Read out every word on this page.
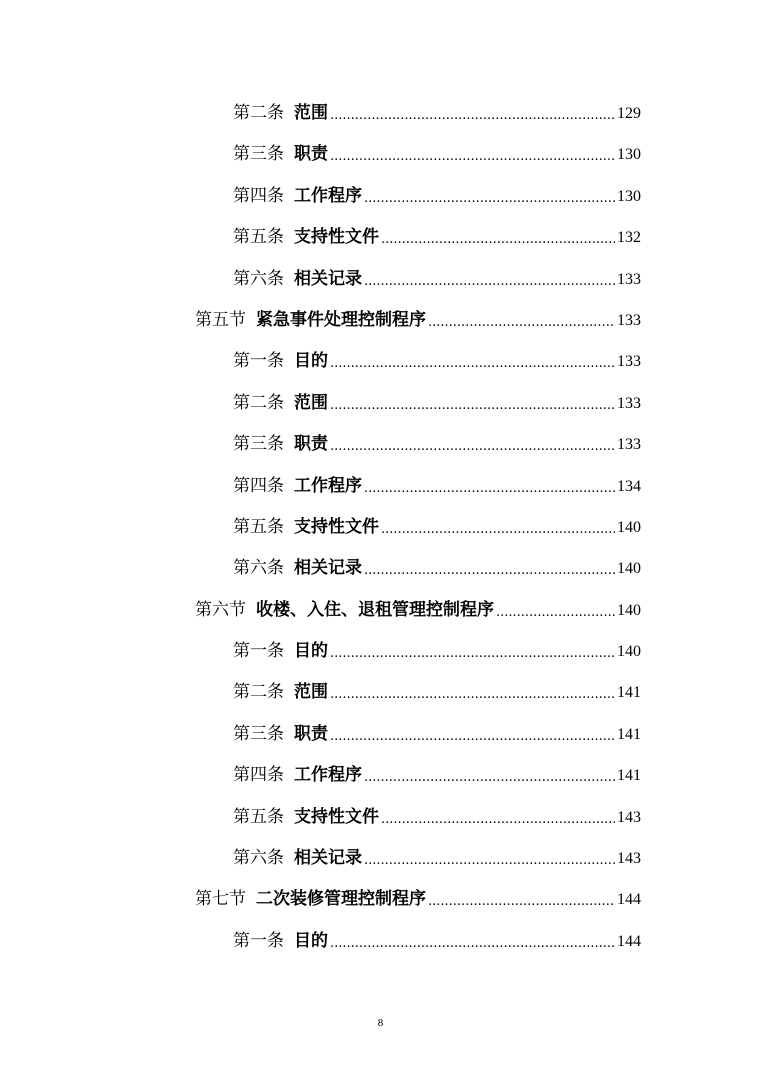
第二条 范围 .....	129
第三条 职责 .....	130
第四条 工作程序 .....	130
第五条 支持性文件 .....	132
第六条 相关记录 .....	133
第五节 紧急事件处理控制程序 .....	133
第一条 目的 .....	133
第二条 范围 .....	133
第三条 职责 .....	133
第四条 工作程序 .....	134
第五条 支持性文件 .....	140
第六条 相关记录 .....	140
第六节 收楼、入住、退租管理控制程序 .....	140
第一条 目的 .....	140
第二条 范围 .....	141
第三条 职责 .....	141
第四条 工作程序 .....	141
第五条 支持性文件 .....	143
第六条 相关记录 .....	143
第七节 二次装修管理控制程序 .....	144
第一条 目的 .....	144
8
